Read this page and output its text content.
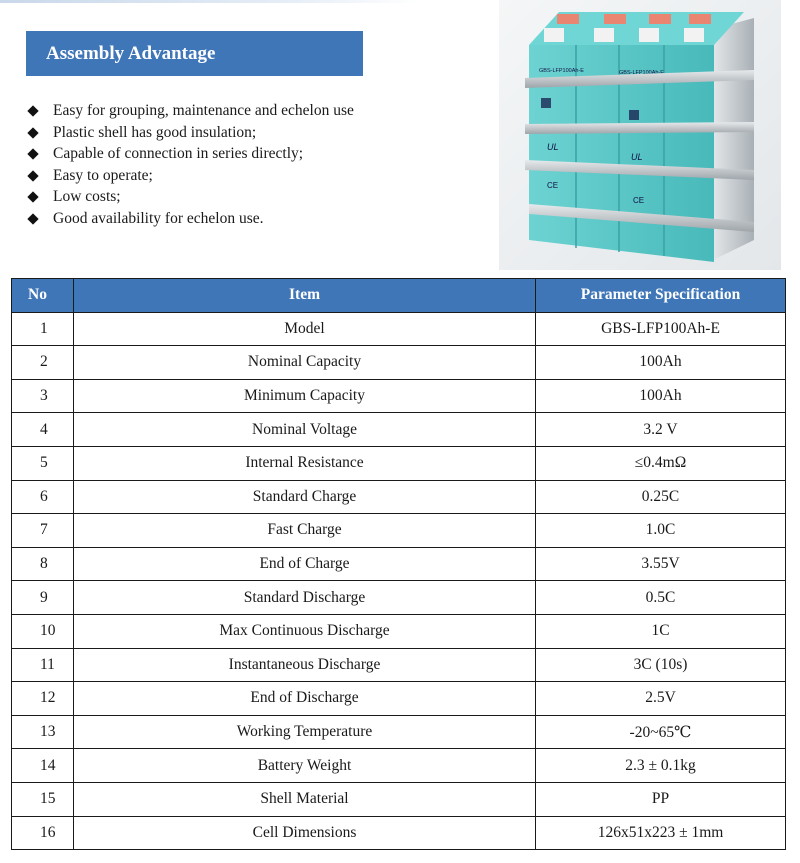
Assembly Advantage
Easy for grouping, maintenance and echelon use
Plastic shell has good insulation;
Capable of connection in series directly;
Easy to operate;
Low costs;
Good availability for echelon use.
GBS-LFP100Ah-E	GBS-LFP100Ah-E
UL
UL
CE
CE
No	Item	Parameter Specification
1	Model	GBS-LFP100Ah-E
2	Nominal Capacity	100Ah
3	Minimum Capacity	100Ah
4	Nominal Voltage	3.2 V
5	Internal Resistance	≤0.4mΩ
6	Standard Charge	0.25C
7	Fast Charge	1.0C
8	End of Charge	3.55V
9	Standard Discharge	0.5C
10	Max Continuous Discharge	1C
11	Instantaneous Discharge	3C (10s)
12	End of Discharge	2.5V
13	Working Temperature	-20~65℃
14	Battery Weight	2.3 ± 0.1kg
15	Shell Material	PP
16	Cell Dimensions	126x51x223 ± 1mm
